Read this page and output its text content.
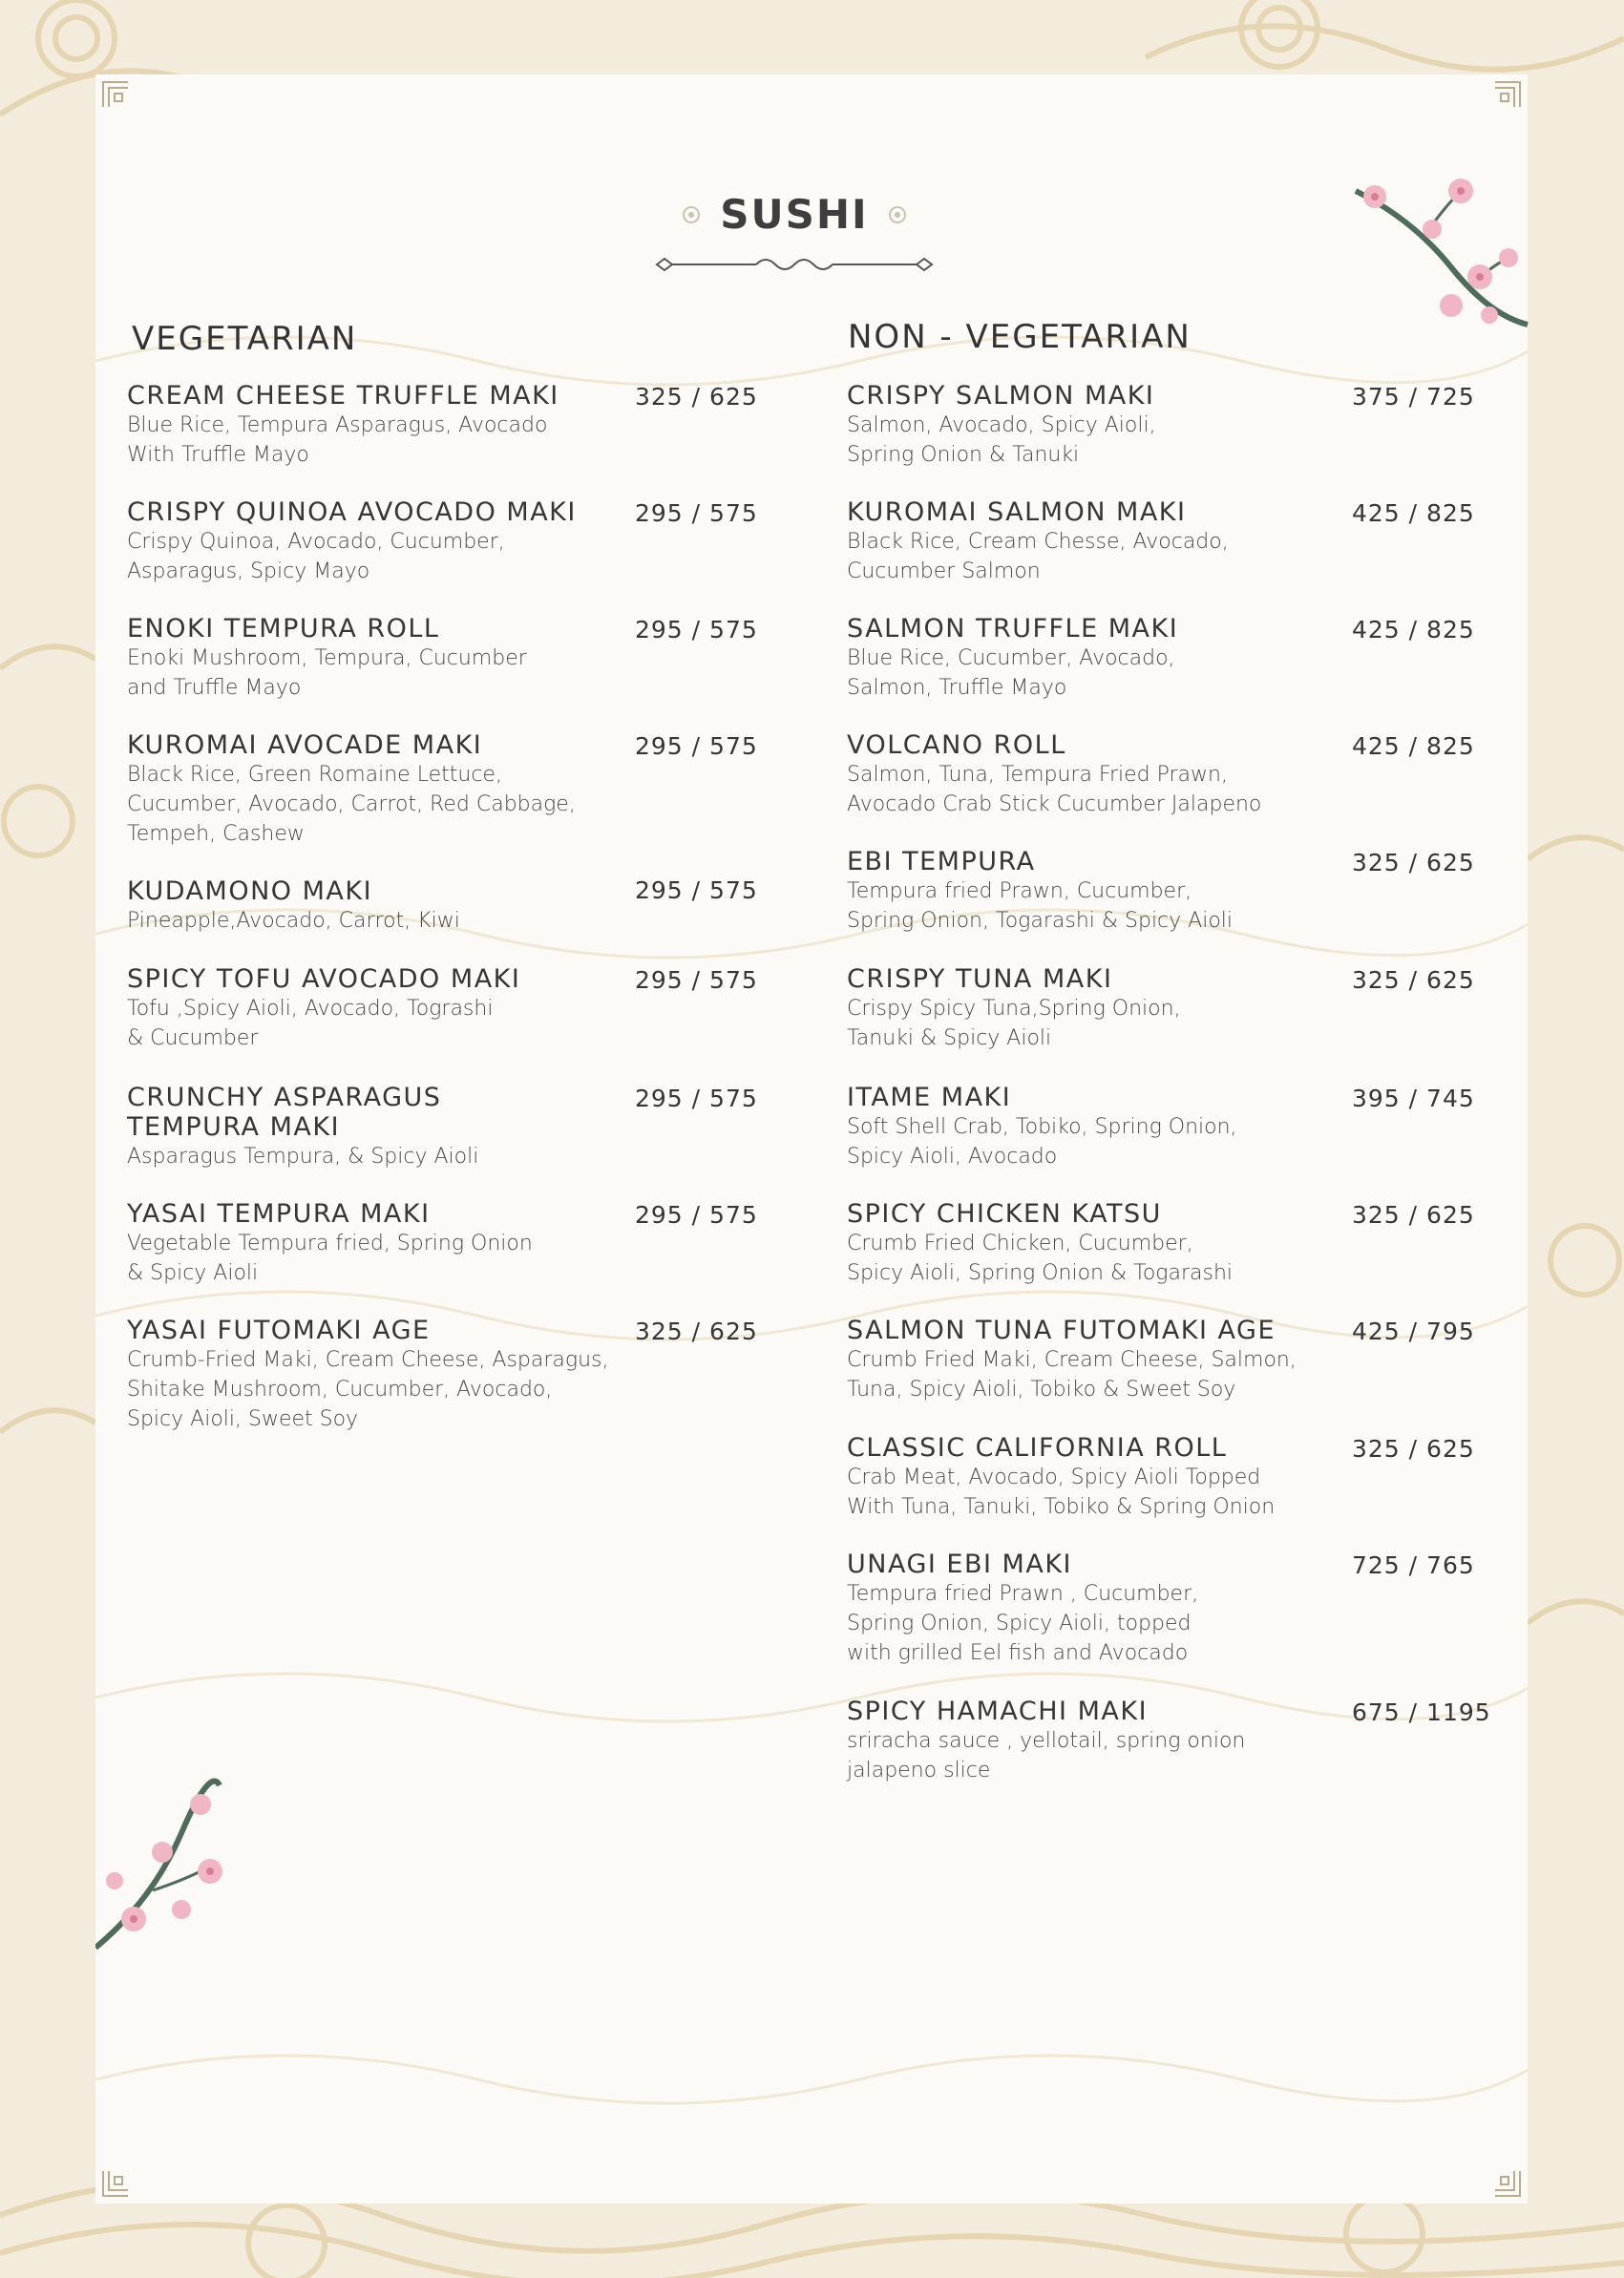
SUSHI
VEGETARIAN	NON - VEGETARIAN
CREAM CHEESE TRUFFLE MAKI
Blue Rice, Tempura Asparagus, Avocado
With Truffle Mayo
325 / 625
CRISPY QUINOA AVOCADO MAKI
Crispy Quinoa, Avocado, Cucumber,
Asparagus, Spicy Mayo
295 / 575
ENOKI TEMPURA ROLL
Enoki Mushroom, Tempura, Cucumber
and Truffle Mayo
295 / 575
KUROMAI AVOCADE MAKI
Black Rice, Green Romaine Lettuce,
Cucumber, Avocado, Carrot, Red Cabbage,
Tempeh, Cashew
295 / 575
KUDAMONO MAKI
Pineapple,Avocado, Carrot, Kiwi
295 / 575
SPICY TOFU AVOCADO MAKI
Tofu ,Spicy Aioli, Avocado, Tograshi
& Cucumber
295 / 575
CRUNCHY ASPARAGUS
TEMPURA MAKI
Asparagus Tempura, & Spicy Aioli
295 / 575
YASAI TEMPURA MAKI
Vegetable Tempura fried, Spring Onion
& Spicy Aioli
295 / 575
YASAI FUTOMAKI AGE
Crumb-Fried Maki, Cream Cheese, Asparagus,
Shitake Mushroom, Cucumber, Avocado,
Spicy Aioli, Sweet Soy
325 / 625
CRISPY SALMON MAKI
Salmon, Avocado, Spicy Aioli,
Spring Onion & Tanuki
375 / 725
KUROMAI SALMON MAKI
Black Rice, Cream Chesse, Avocado,
Cucumber Salmon
425 / 825
SALMON TRUFFLE MAKI
Blue Rice, Cucumber, Avocado,
Salmon, Truffle Mayo
425 / 825
VOLCANO ROLL
Salmon, Tuna, Tempura Fried Prawn,
Avocado Crab Stick Cucumber Jalapeno
425 / 825
EBI TEMPURA
Tempura fried Prawn, Cucumber,
Spring Onion, Togarashi & Spicy Aioli
325 / 625
CRISPY TUNA MAKI
Crispy Spicy Tuna,Spring Onion,
Tanuki & Spicy Aioli
325 / 625
ITAME MAKI
Soft Shell Crab, Tobiko, Spring Onion,
Spicy Aioli, Avocado
395 / 745
SPICY CHICKEN KATSU
Crumb Fried Chicken, Cucumber,
Spicy Aioli, Spring Onion & Togarashi
325 / 625
SALMON TUNA FUTOMAKI AGE
Crumb Fried Maki, Cream Cheese, Salmon,
Tuna, Spicy Aioli, Tobiko & Sweet Soy
425 / 795
CLASSIC CALIFORNIA ROLL
Crab Meat, Avocado, Spicy Aioli Topped
With Tuna, Tanuki, Tobiko & Spring Onion
325 / 625
UNAGI EBI MAKI
Tempura fried Prawn , Cucumber,
Spring Onion, Spicy Aioli, topped
with grilled Eel fish and Avocado
725 / 765
SPICY HAMACHI MAKI
sriracha sauce , yellotail, spring onion
jalapeno slice
675 / 1195
